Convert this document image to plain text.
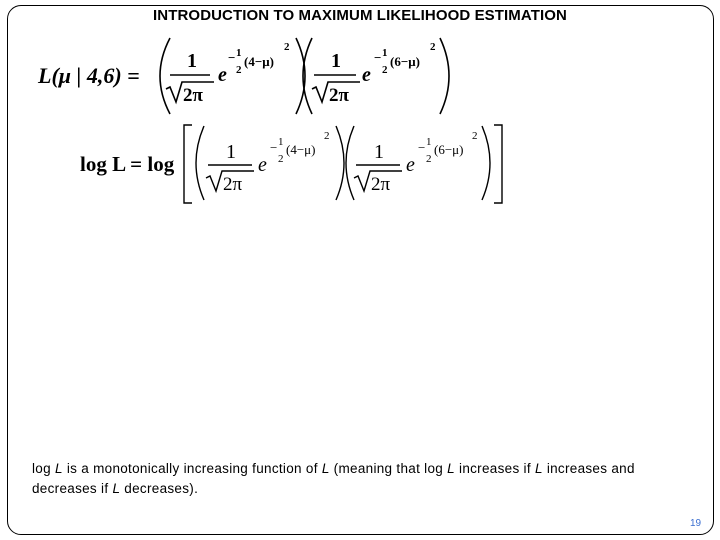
INTRODUCTION TO MAXIMUM LIKELIHOOD ESTIMATION
L(μ | 4,6) =
1
2π
e
− 1
2
(4−μ)
2
1
2π
e
− 1
2
(6−μ)
2
log L = log	1
2π
e
− 1
2
(4−μ)
2
1
2π
e
− 1
2
(6−μ)
2
log L is a monotonically increasing function of L (meaning that log L increases if L increases and decreases if L decreases).
19
